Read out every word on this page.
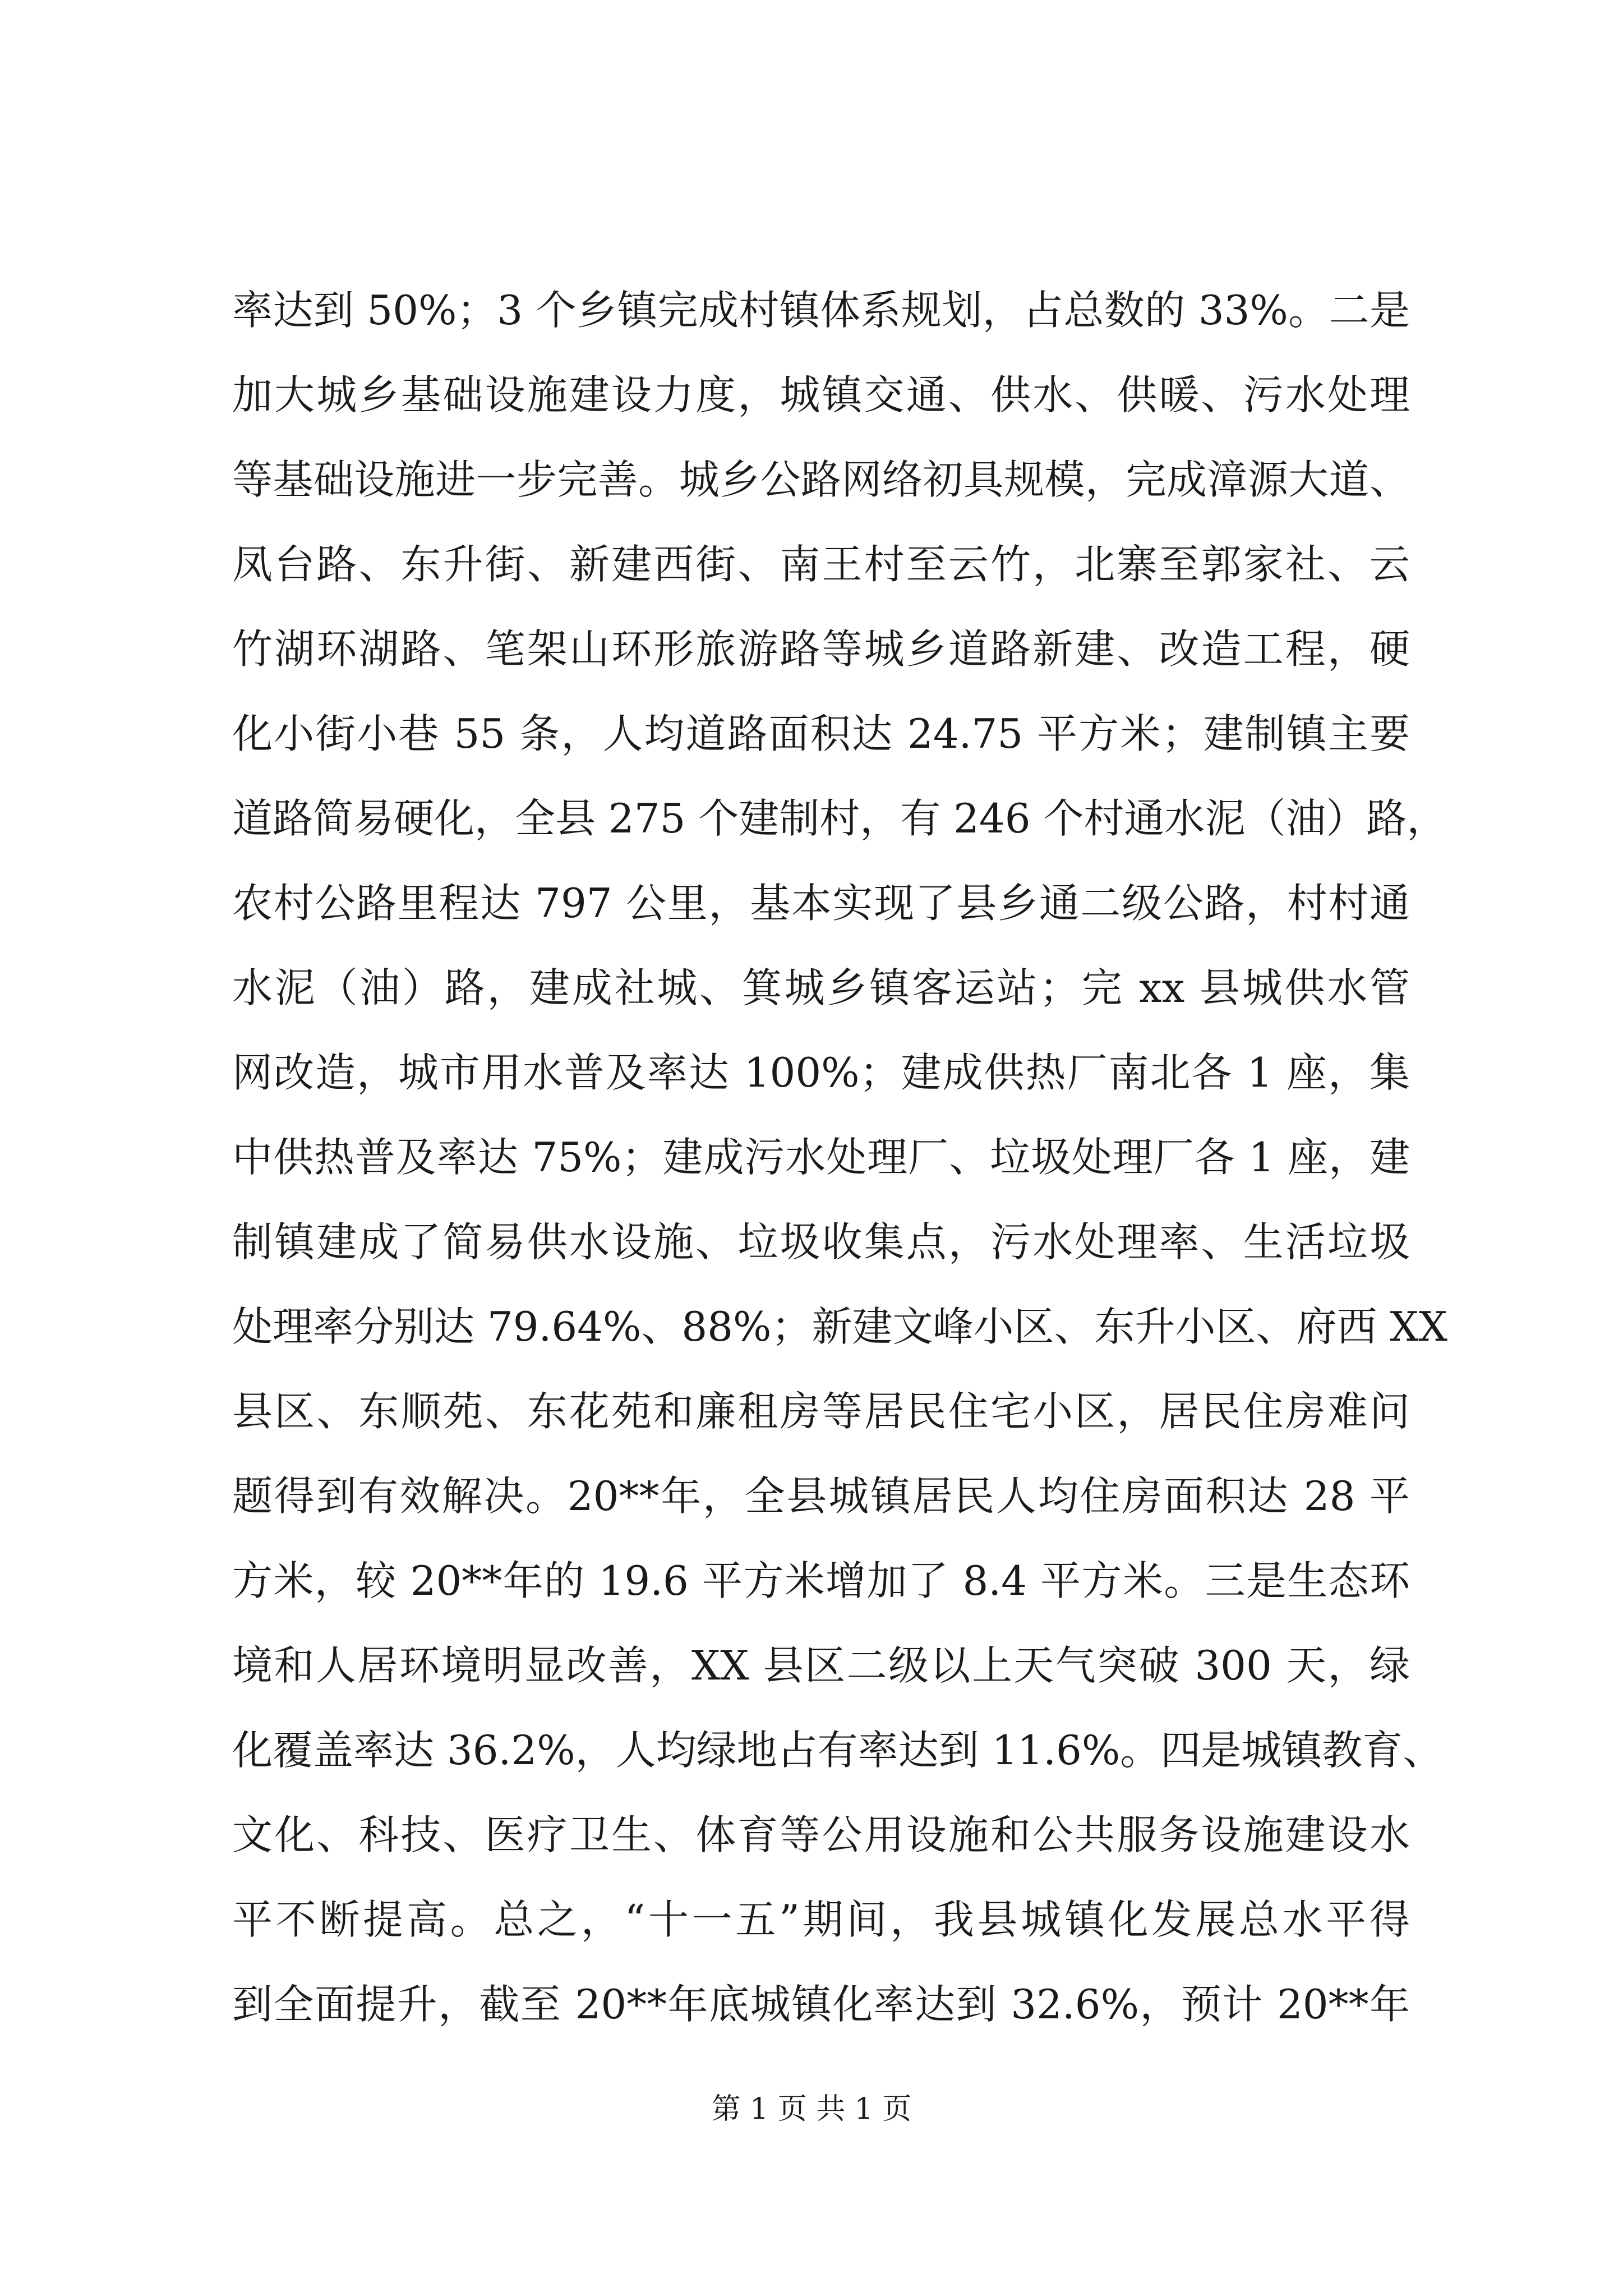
率达到 50%；3 个乡镇完成村镇体系规划，占总数的 33%。二是
加大城乡基础设施建设力度，城镇交通、供水、供暖、污水处理
等基础设施进一步完善。城乡公路网络初具规模，完成漳源大道、
凤台路、东升街、新建西街、南王村至云竹，北寨至郭家社、云
竹湖环湖路、笔架山环形旅游路等城乡道路新建、改造工程，硬
化小街小巷 55 条，人均道路面积达 24.75 平方米；建制镇主要
道路简易硬化，全县 275 个建制村，有 246 个村通水泥（油）路，
农村公路里程达 797 公里，基本实现了县乡通二级公路，村村通
水泥（油）路，建成社城、箕城乡镇客运站；完 xx 县城供水管
网改造，城市用水普及率达 100%；建成供热厂南北各 1 座，集
中供热普及率达 75%；建成污水处理厂、垃圾处理厂各 1 座，建
制镇建成了简易供水设施、垃圾收集点，污水处理率、生活垃圾
处理率分别达 79.64%、88%；新建文峰小区、东升小区、府西 XX
县区、东顺苑、东花苑和廉租房等居民住宅小区，居民住房难问
题得到有效解决。20**年，全县城镇居民人均住房面积达 28 平
方米，较 20**年的 19.6 平方米增加了 8.4 平方米。三是生态环
境和人居环境明显改善，XX 县区二级以上天气突破 300 天，绿
化覆盖率达 36.2%，人均绿地占有率达到 11.6%。四是城镇教育、
文化、科技、医疗卫生、体育等公用设施和公共服务设施建设水
平不断提高。总之，“十一五”期间，我县城镇化发展总水平得
到全面提升，截至 20**年底城镇化率达到 32.6%，预计 20**年
第 1 页 共 1 页
